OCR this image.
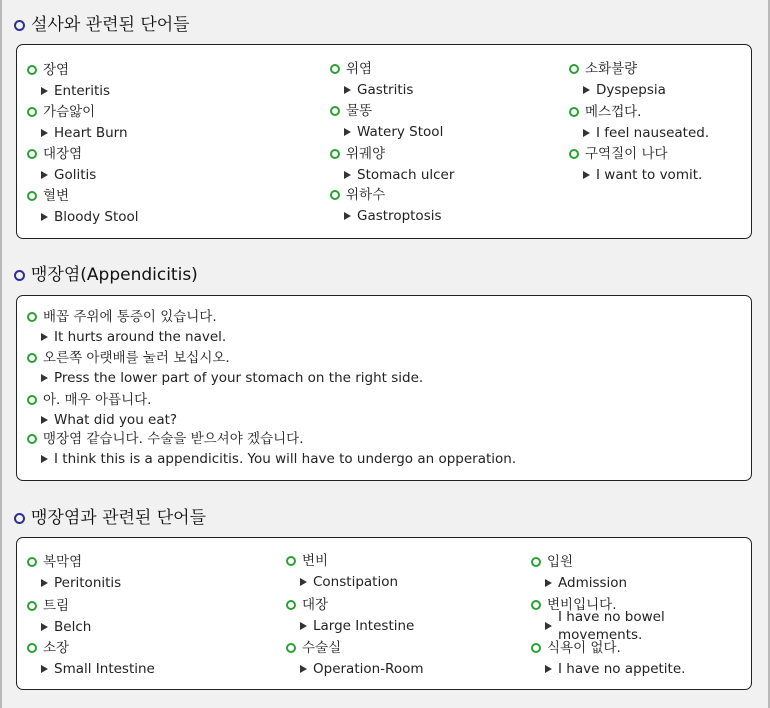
설사와 관련된 단어들
장염
Enteritis
가슴앓이
Heart Burn
대장염
Golitis
혈변
Bloody Stool
위염
Gastritis
물똥
Watery Stool
위궤양
Stomach ulcer
위하수
Gastroptosis
소화불량
Dyspepsia
메스껍다.
I feel nauseated.
구역질이 나다
I want to vomit.
맹장염(Appendicitis)
배꼽 주위에 통증이 있습니다.
It hurts around the navel.
오른쪽 아랫배를 눌러 보십시오.
Press the lower part of your stomach on the right side.
아. 매우 아픕니다.
What did you eat?
맹장염 같습니다. 수술을 받으셔야 겠습니다.
I think this is a appendicitis. You will have to undergo an opperation.
맹장염과 관련된 단어들
복막염
Peritonitis
트림
Belch
소장
Small Intestine
변비
Constipation
대장
Large Intestine
수술실
Operation-Room
입원
Admission
변비입니다.
I have no bowel movements.
식욕이 없다.
I have no appetite.
